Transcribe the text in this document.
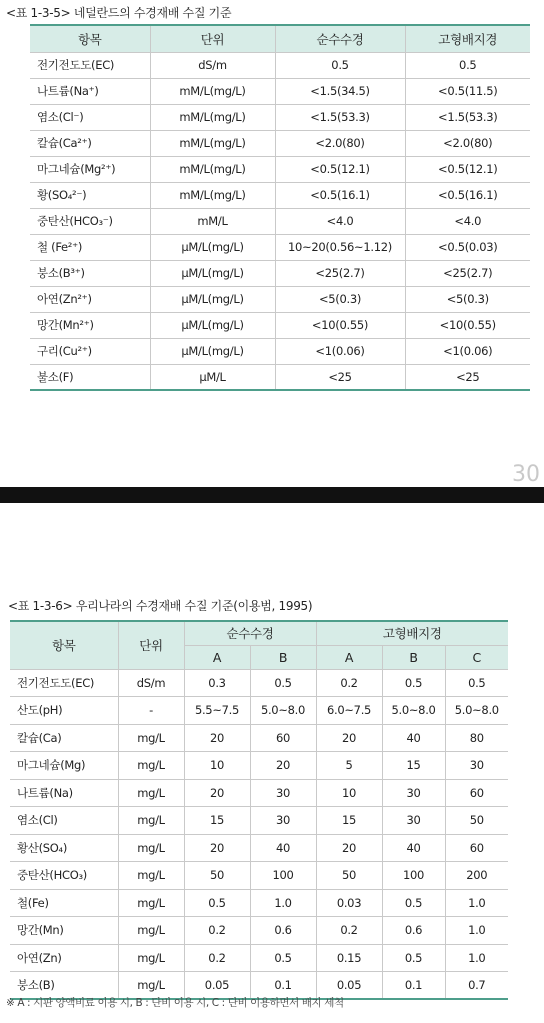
<표 1-3-5> 네덜란드의 수경재배 수질 기준
항목	단위	순수수경	고형배지경
전기전도도(EC)	dS/m	0.5	0.5
나트륨(Na⁺)	mM/L(mg/L)	<1.5(34.5)	<0.5(11.5)
염소(Cl⁻)	mM/L(mg/L)	<1.5(53.3)	<1.5(53.3)
칼슘(Ca²⁺)	mM/L(mg/L)	<2.0(80)	<2.0(80)
마그네슘(Mg²⁺)	mM/L(mg/L)	<0.5(12.1)	<0.5(12.1)
황(SO₄²⁻)	mM/L(mg/L)	<0.5(16.1)	<0.5(16.1)
중탄산(HCO₃⁻)	mM/L	<4.0	<4.0
철 (Fe²⁺)	μM/L(mg/L)	10~20(0.56~1.12)	<0.5(0.03)
붕소(B³⁺)	μM/L(mg/L)	<25(2.7)	<25(2.7)
아연(Zn²⁺)	μM/L(mg/L)	<5(0.3)	<5(0.3)
망간(Mn²⁺)	μM/L(mg/L)	<10(0.55)	<10(0.55)
구리(Cu²⁺)	μM/L(mg/L)	<1(0.06)	<1(0.06)
불소(F)	μM/L	<25	<25
30
<표 1-3-6> 우리나라의 수경재배 수질 기준(이용범, 1995)
항목	단위	순수수경		고형배지경		
		A	B	A	B	C
전기전도도(EC)	dS/m	0.3	0.5	0.2	0.5	0.5
산도(pH)	-	5.5~7.5	5.0~8.0	6.0~7.5	5.0~8.0	5.0~8.0
칼슘(Ca)	mg/L	20	60	20	40	80
마그네슘(Mg)	mg/L	10	20	5	15	30
나트륨(Na)	mg/L	20	30	10	30	60
염소(Cl)	mg/L	15	30	15	30	50
황산(SO₄)	mg/L	20	40	20	40	60
중탄산(HCO₃)	mg/L	50	100	50	100	200
철(Fe)	mg/L	0.5	1.0	0.03	0.5	1.0
망간(Mn)	mg/L	0.2	0.6	0.2	0.6	1.0
아연(Zn)	mg/L	0.2	0.5	0.15	0.5	1.0
붕소(B)	mg/L	0.05	0.1	0.05	0.1	0.7
※ A : 시판 양액비료 이용 시, B : 단비 이용 시, C : 단비 이용하면서 배지 세척
